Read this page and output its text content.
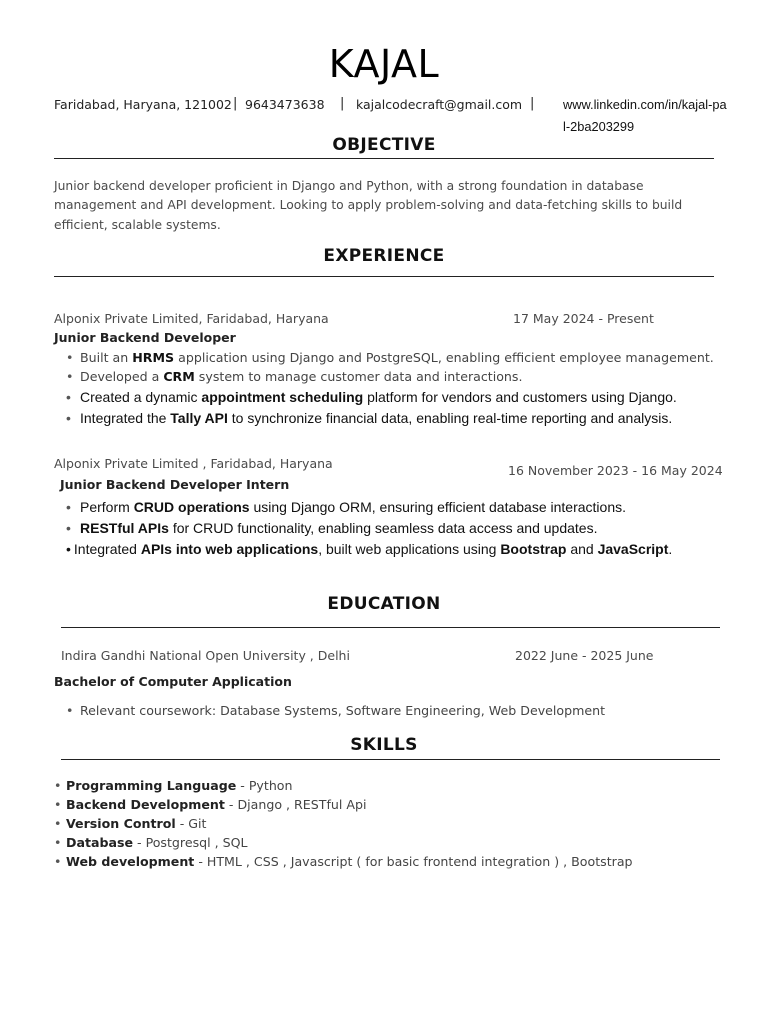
KAJAL
Faridabad, Haryana, 121002 | 9643473638 | kajalcodecraft@gmail.com | www.linkedin.com/in/kajal-pa
l-2ba203299
OBJECTIVE
Junior backend developer proficient in Django and Python, with a strong foundation in database management and API development. Looking to apply problem-solving and data-fetching skills to build efficient, scalable systems.
EXPERIENCE
Alponix Private Limited, Faridabad, Haryana	17 May 2024 - Present
Junior Backend Developer
• Built an HRMS application using Django and PostgreSQL, enabling efficient employee management.
• Developed a CRM system to manage customer data and interactions.
• Created a dynamic appointment scheduling platform for vendors and customers using Django.
• Integrated the Tally API to synchronize financial data, enabling real-time reporting and analysis.
Alponix Private Limited , Faridabad, Haryana	16 November 2023 - 16 May 2024
Junior Backend Developer Intern
• Perform CRUD operations using Django ORM, ensuring efficient database interactions.
• RESTful APIs for CRUD functionality, enabling seamless data access and updates.
• Integrated APIs into web applications, built web applications using Bootstrap and JavaScript.
EDUCATION
Indira Gandhi National Open University , Delhi	2022 June - 2025 June
Bachelor of Computer Application
• Relevant coursework: Database Systems, Software Engineering, Web Development
SKILLS
• Programming Language - Python
• Backend Development - Django , RESTful Api
• Version Control - Git
• Database - Postgresql , SQL
• Web development - HTML , CSS , Javascript ( for basic frontend integration ) , Bootstrap
